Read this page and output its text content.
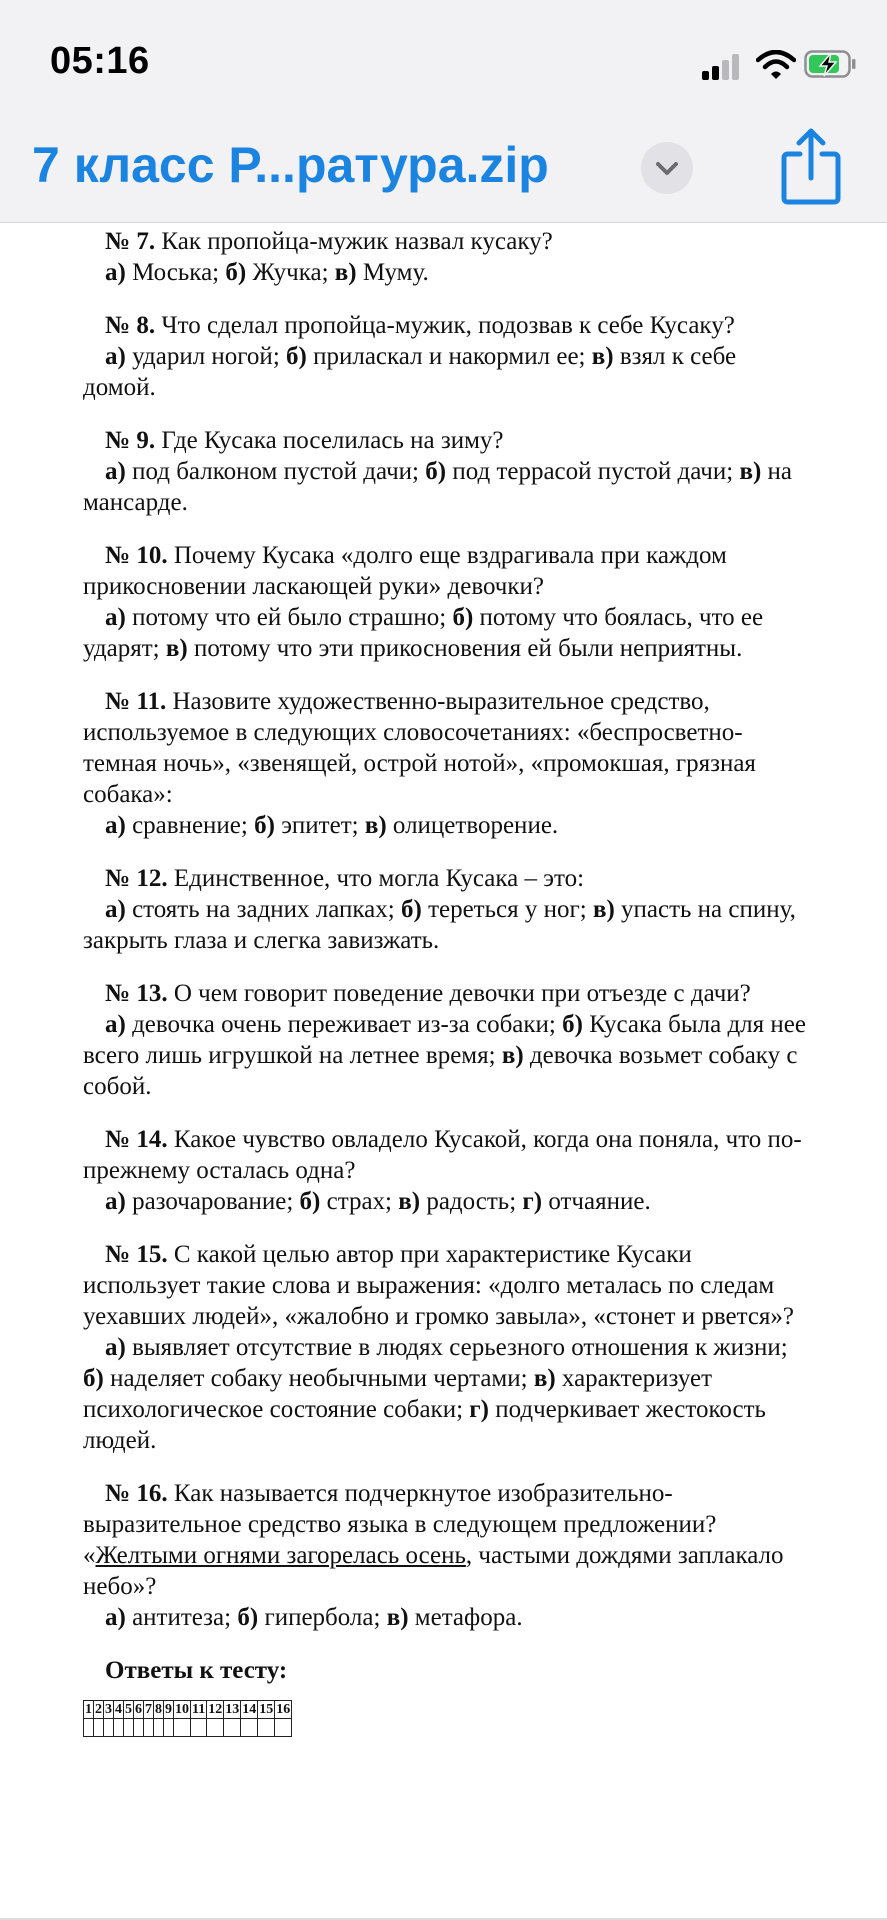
05:16
7 класс Р...ратура.zip

№ 7. Как пропойца-мужик назвал кусаку?

а) Моська; б) Жучка; в) Муму.

№ 8. Что сделал пропойца-мужик, подозвав к себе Кусаку?

а) ударил ногой; б) приласкал и накормил ее; в) взял к себе домой.

№ 9. Где Кусака поселилась на зиму?

а) под балконом пустой дачи; б) под террасой пустой дачи; в) на мансарде.

№ 10. Почему Кусака «долго еще вздрагивала при каждом прикосновении ласкающей руки» девочки?

а) потому что ей было страшно; б) потому что боялась, что ее ударят; в) потому что эти прикосновения ей были неприятны.

№ 11. Назовите художественно-выразительное средство, используемое в следующих словосочетаниях: «беспросветно-темная ночь», «звенящей, острой нотой», «промокшая, грязная собака»:

а) сравнение; б) эпитет; в) олицетворение.

№ 12. Единственное, что могла Кусака – это:

а) стоять на задних лапках; б) тереться у ног; в) упасть на спину, закрыть глаза и слегка завизжать.

№ 13. О чем говорит поведение девочки при отъезде с дачи?

а) девочка очень переживает из-за собаки; б) Кусака была для нее всего лишь игрушкой на летнее время; в) девочка возьмет собаку с собой.

№ 14. Какое чувство овладело Кусакой, когда она поняла, что по-прежнему осталась одна?

а) разочарование; б) страх; в) радость; г) отчаяние.

№ 15. С какой целью автор при характеристике Кусаки использует такие слова и выражения: «долго металась по следам уехавших людей», «жалобно и громко завыла», «стонет и рвется»?

а) выявляет отсутствие в людях серьезного отношения к жизни; б) наделяет собаку необычными чертами; в) характеризует психологическое состояние собаки; г) подчеркивает жестокость людей.

№ 16. Как называется подчеркнутое изобразительно-выразительное средство языка в следующем предложении? «Желтыми огнями загорелась осень, частыми дождями заплакало небо»?

а) антитеза; б) гипербола; в) метафора.

Ответы к тесту:
1	2	3	4	5	6	7	8	9	10	11	12	13	14	15	16
